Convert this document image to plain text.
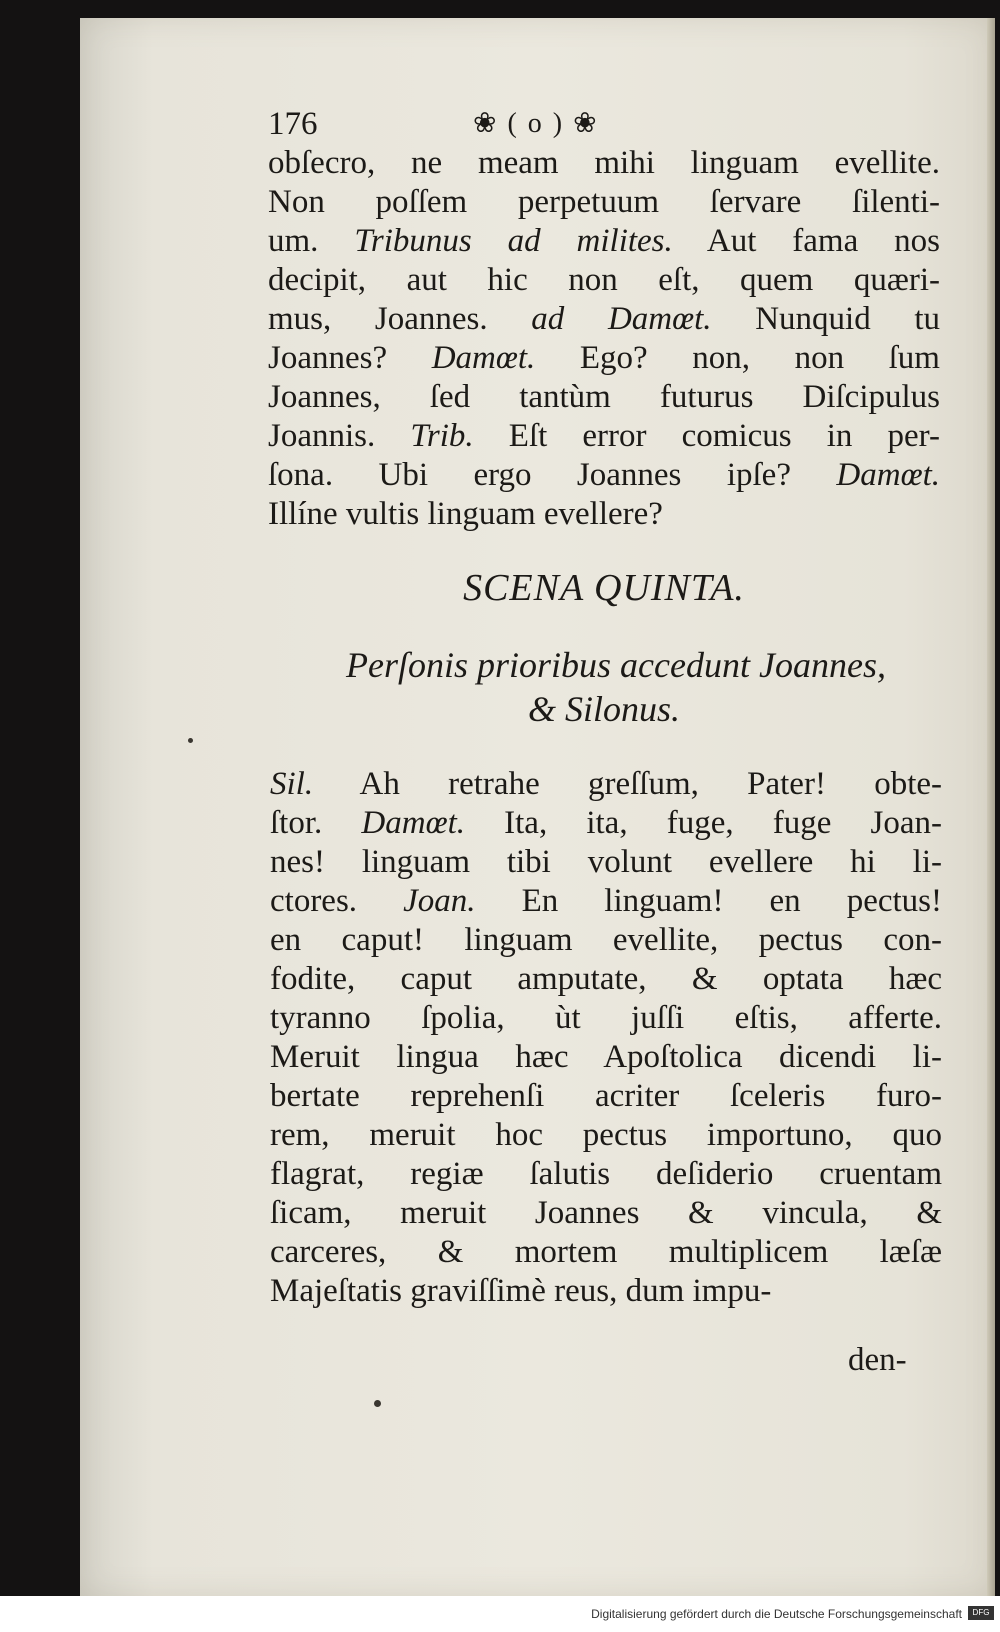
176	❀ ( o ) ❀
obſecro, ne meam mihi linguam evellite.
Non poſſem perpetuum ſervare ſilenti-
um. Tribunus ad milites. Aut fama nos
decipit, aut hic non eſt, quem quæri-
mus, Joannes. ad Damœt. Nunquid tu
Joannes? Damœt. Ego? non, non ſum
Joannes, ſed tantùm futurus Diſcipulus
Joannis. Trib. Eſt error comicus in per-
ſona. Ubi ergo Joannes ipſe? Damœt.
Illíne vultis linguam evellere?
SCENA QUINTA.
Perſonis prioribus accedunt Joannes,
& Silonus.
Sil. Ah retrahe greſſum, Pater! obte-
ſtor. Damœt. Ita, ita, fuge, fuge Joan-
nes! linguam tibi volunt evellere hi li-
ctores. Joan. En linguam! en pectus!
en caput! linguam evellite, pectus con-
fodite, caput amputate, & optata hæc
tyranno ſpolia, ùt juſſi eſtis, afferte.
Meruit lingua hæc Apoſtolica dicendi li-
bertate reprehenſi acriter ſceleris furo-
rem, meruit hoc pectus importuno, quo
flagrat, regiæ ſalutis deſiderio cruentam
ſicam, meruit Joannes & vincula, &
carceres, & mortem multiplicem læſæ
Majeſtatis graviſſimè reus, dum impu-
den-
Digitalisierung gefördert durch die Deutsche Forschungsgemeinschaft	DFG
